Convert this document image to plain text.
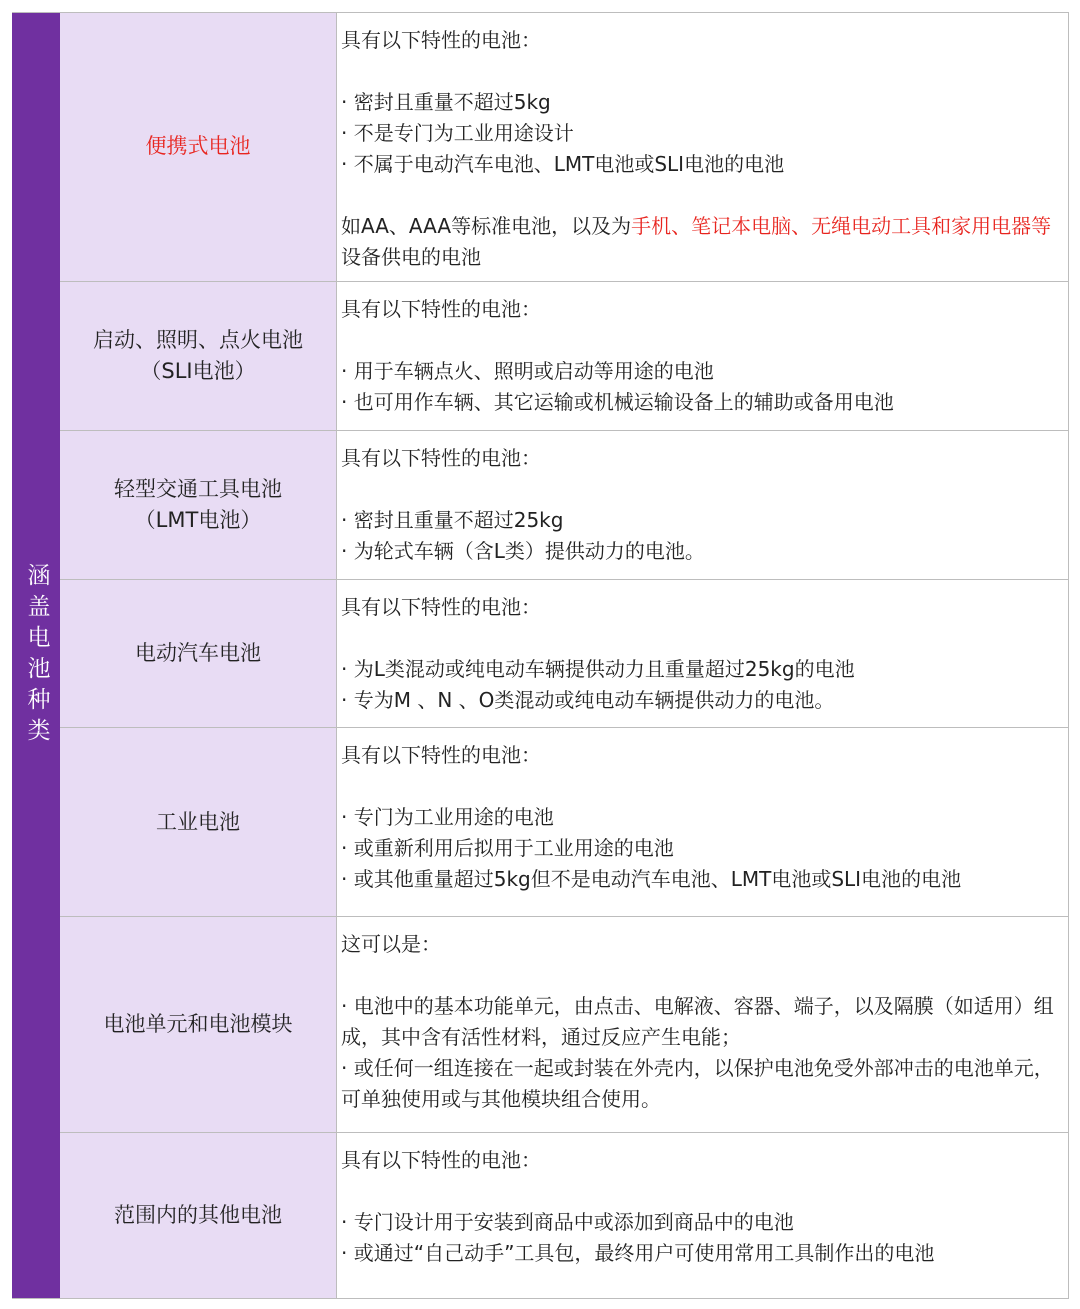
涵盖电池种类
便携式电池

具有以下特性的电池：

· 密封且重量不超过5kg

· 不是专门为工业用途设计

· 不属于电动汽车电池、LMT电池或SLI电池的电池

如AA、AAA等标准电池，以及为手机、笔记本电脑、无绳电动工具和家用电器等设备供电的电池

启动、照明、点火电池
（SLI电池）

具有以下特性的电池：

· 用于车辆点火、照明或启动等用途的电池

· 也可用作车辆、其它运输或机械运输设备上的辅助或备用电池

轻型交通工具电池
（LMT电池）

具有以下特性的电池：

· 密封且重量不超过25kg

· 为轮式车辆（含L类）提供动力的电池。

电动汽车电池

具有以下特性的电池：

· 为L类混动或纯电动车辆提供动力且重量超过25kg的电池

· 专为M 、N 、O类混动或纯电动车辆提供动力的电池。

工业电池

具有以下特性的电池：

· 专门为工业用途的电池

· 或重新利用后拟用于工业用途的电池

· 或其他重量超过5kg但不是电动汽车电池、LMT电池或SLI电池的电池

电池单元和电池模块

这可以是：

· 电池中的基本功能单元，由点击、电解液、容器、端子，以及隔膜（如适用）组成，其中含有活性材料，通过反应产生电能；

· 或任何一组连接在一起或封装在外壳内，以保护电池免受外部冲击的电池单元，可单独使用或与其他模块组合使用。

范围内的其他电池

具有以下特性的电池：

· 专门设计用于安装到商品中或添加到商品中的电池

· 或通过“自己动手”工具包，最终用户可使用常用工具制作出的电池
